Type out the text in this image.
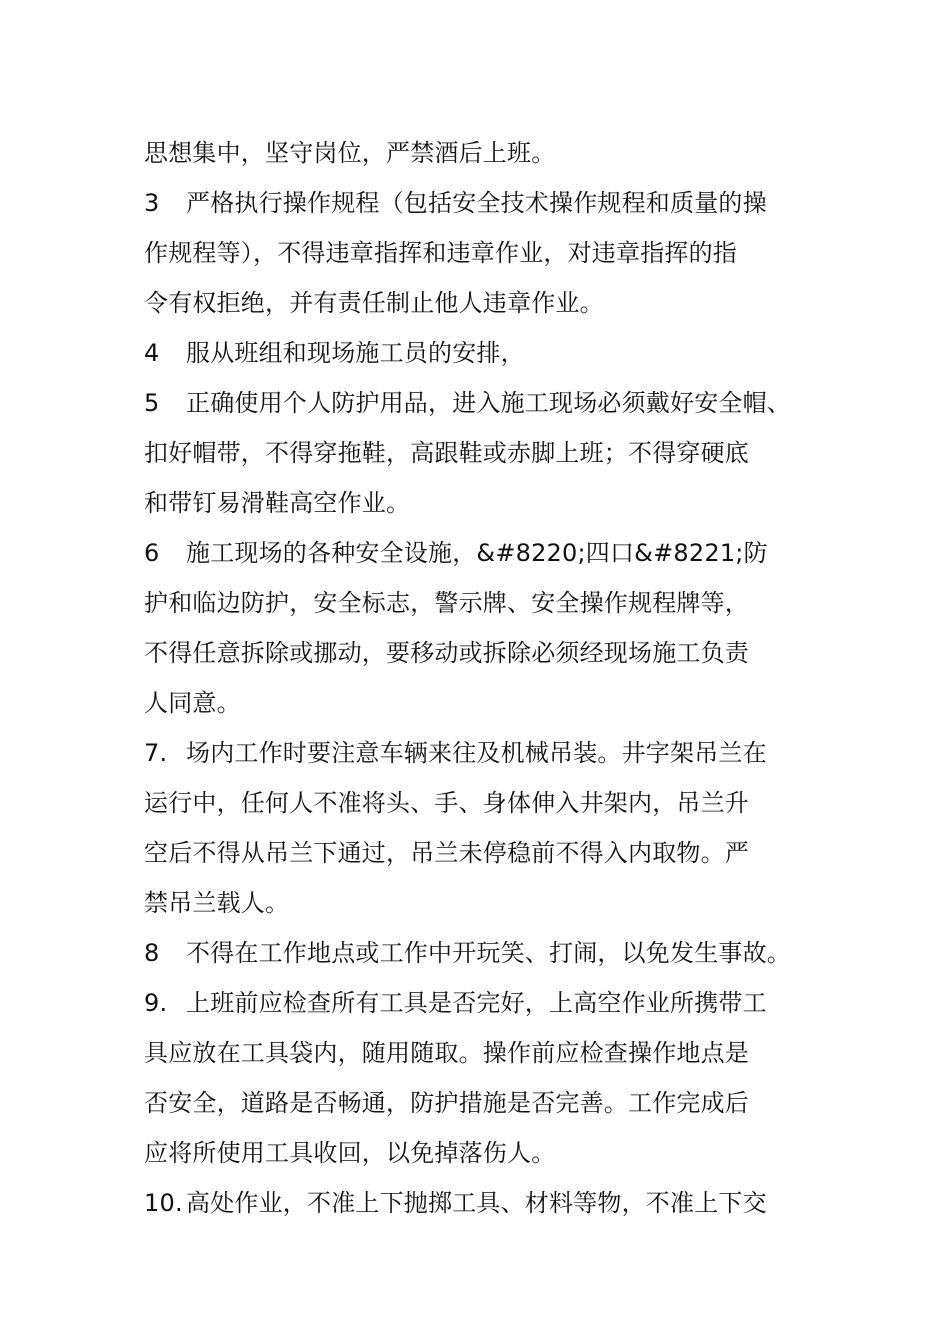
思想集中，坚守岗位，严禁酒后上班。
3 严格执行操作规程（包括安全技术操作规程和质量的操
作规程等），不得违章指挥和违章作业，对违章指挥的指
令有权拒绝，并有责任制止他人违章作业。
4 服从班组和现场施工员的安排，
5 正确使用个人防护用品，进入施工现场必须戴好安全帽、
扣好帽带，不得穿拖鞋，高跟鞋或赤脚上班；不得穿硬底
和带钉易滑鞋高空作业。
6 施工现场的各种安全设施，&#8220;四口&#8221;防
护和临边防护，安全标志，警示牌、安全操作规程牌等，
不得任意拆除或挪动，要移动或拆除必须经现场施工负责
人同意。
7. 场内工作时要注意车辆来往及机械吊装。井字架吊兰在
运行中，任何人不准将头、手、身体伸入井架内，吊兰升
空后不得从吊兰下通过，吊兰未停稳前不得入内取物。严
禁吊兰载人。
8 不得在工作地点或工作中开玩笑、打闹，以免发生事故。
9. 上班前应检查所有工具是否完好，上高空作业所携带工
具应放在工具袋内，随用随取。操作前应检查操作地点是
否安全，道路是否畅通，防护措施是否完善。工作完成后
应将所使用工具收回，以免掉落伤人。
10. 高处作业，不准上下抛掷工具、材料等物，不准上下交
